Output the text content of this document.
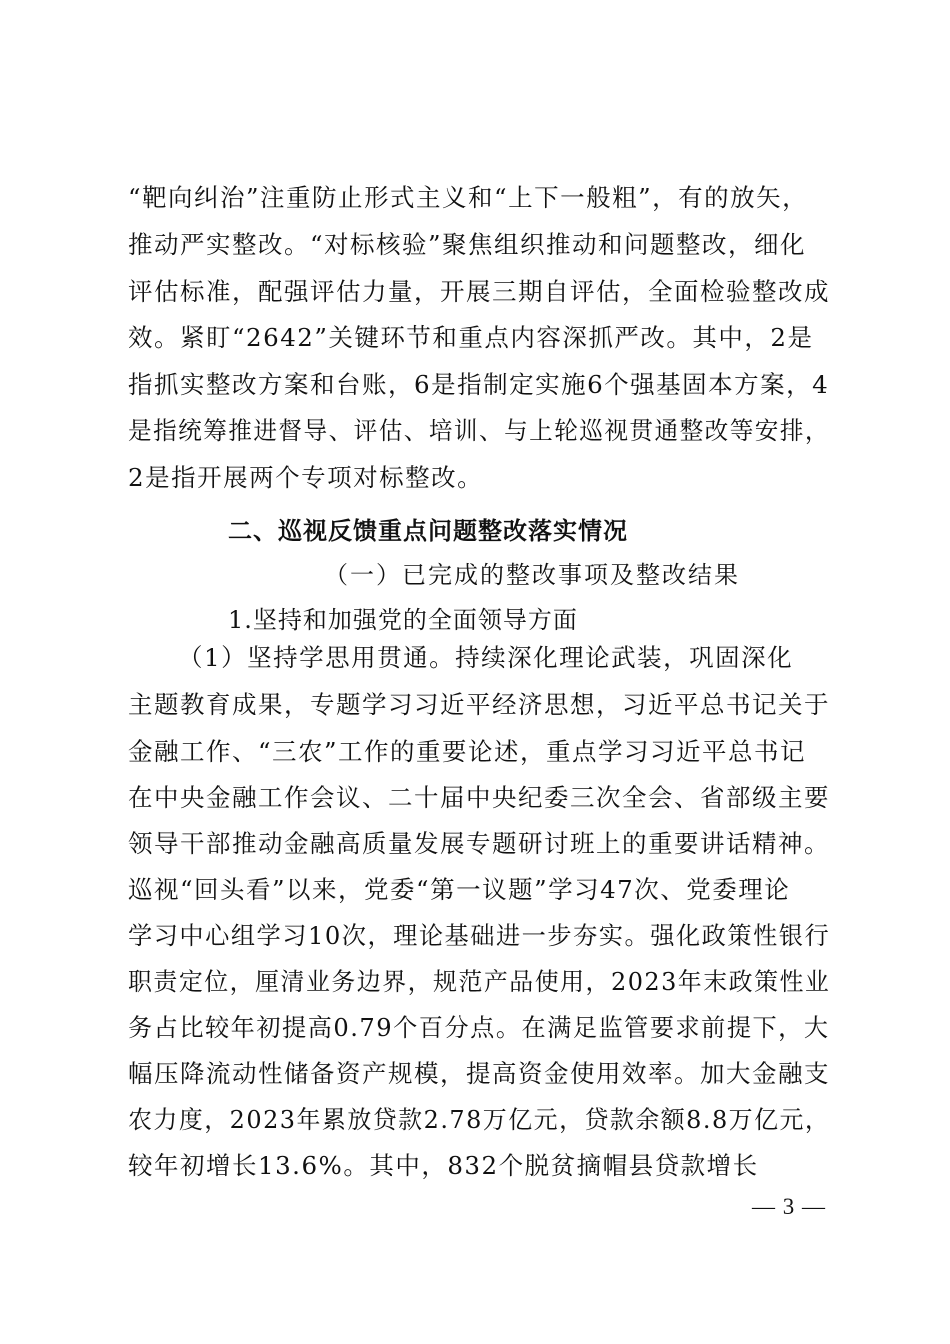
“靶向纠治”注重防止形式主义和“上下一般粗”，有的放矢，
推动严实整改。“对标核验”聚焦组织推动和问题整改，细化
评估标准，配强评估力量，开展三期自评估，全面检验整改成
效。紧盯“2642”关键环节和重点内容深抓严改。其中，2是
指抓实整改方案和台账，6是指制定实施6个强基固本方案，4
是指统筹推进督导、评估、培训、与上轮巡视贯通整改等安排，
2是指开展两个专项对标整改。
二、巡视反馈重点问题整改落实情况
（一）已完成的整改事项及整改结果
1.坚持和加强党的全面领导方面
（1）坚持学思用贯通。持续深化理论武装，巩固深化
主题教育成果，专题学习习近平经济思想，习近平总书记关于
金融工作、“三农”工作的重要论述，重点学习习近平总书记
在中央金融工作会议、二十届中央纪委三次全会、省部级主要
领导干部推动金融高质量发展专题研讨班上的重要讲话精神。
巡视“回头看”以来，党委“第一议题”学习47次、党委理论
学习中心组学习10次，理论基础进一步夯实。强化政策性银行
职责定位，厘清业务边界，规范产品使用，2023年末政策性业
务占比较年初提高0.79个百分点。在满足监管要求前提下，大
幅压降流动性储备资产规模，提高资金使用效率。加大金融支
农力度，2023年累放贷款2.78万亿元，贷款余额8.8万亿元，
较年初增长13.6%。其中，832个脱贫摘帽县贷款增长
— 3 —
